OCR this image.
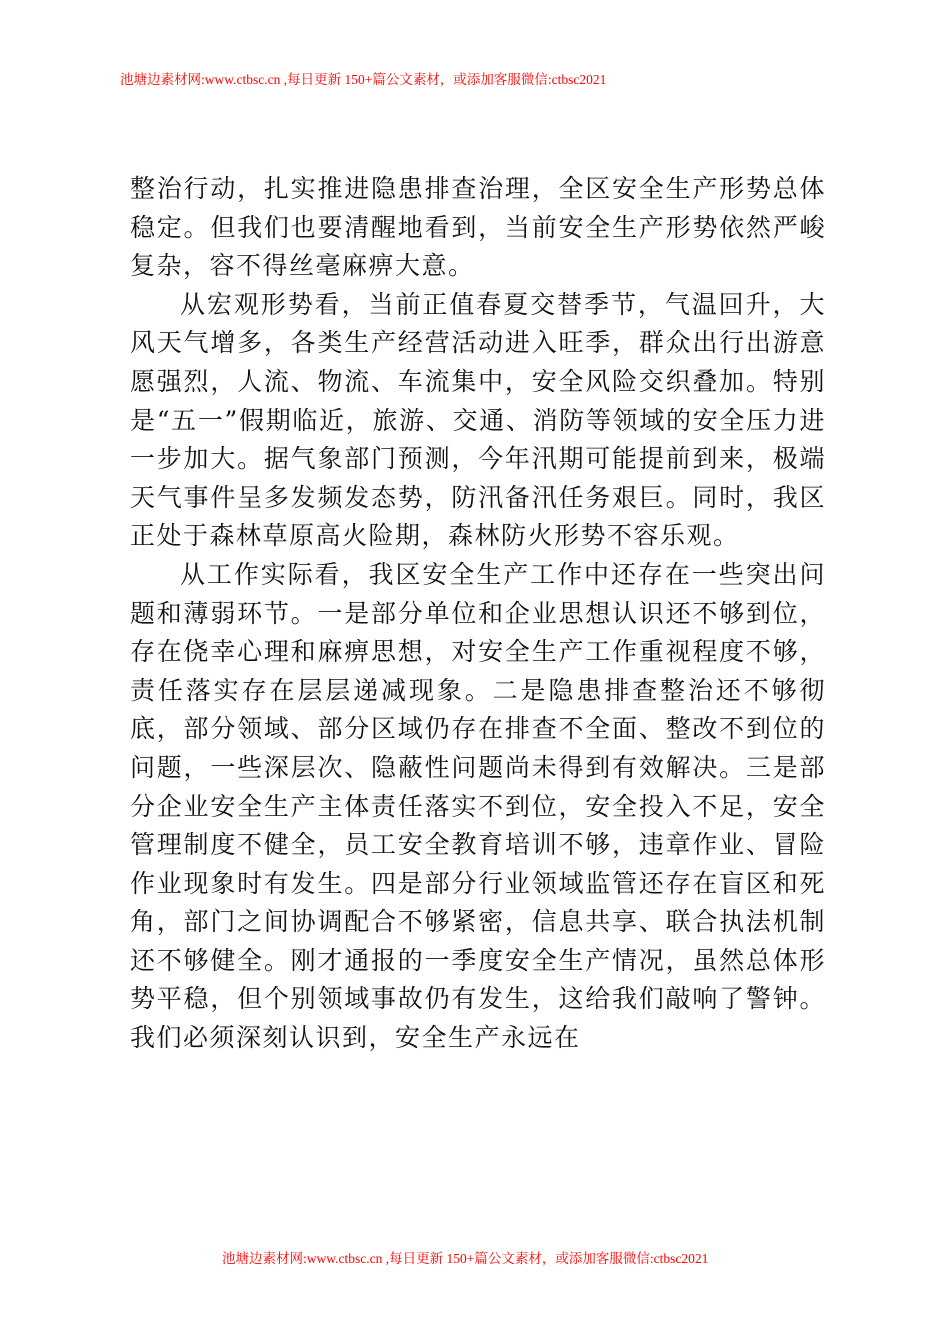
池塘边素材网:www.ctbsc.cn ,每日更新 150+篇公文素材，或添加客服微信:ctbsc2021

整治行动，扎实推进隐患排查治理，全区安全生产形势总体稳定。但我们也要清醒地看到，当前安全生产形势依然严峻复杂，容不得丝毫麻痹大意。

从宏观形势看，当前正值春夏交替季节，气温回升，大风天气增多，各类生产经营活动进入旺季，群众出行出游意愿强烈，人流、物流、车流集中，安全风险交织叠加。特别是“五一”假期临近，旅游、交通、消防等领域的安全压力进一步加大。据气象部门预测，今年汛期可能提前到来，极端天气事件呈多发频发态势，防汛备汛任务艰巨。同时，我区正处于森林草原高火险期，森林防火形势不容乐观。

从工作实际看，我区安全生产工作中还存在一些突出问题和薄弱环节。一是部分单位和企业思想认识还不够到位，存在侥幸心理和麻痹思想，对安全生产工作重视程度不够，责任落实存在层层递减现象。二是隐患排查整治还不够彻底，部分领域、部分区域仍存在排查不全面、整改不到位的问题，一些深层次、隐蔽性问题尚未得到有效解决。三是部分企业安全生产主体责任落实不到位，安全投入不足，安全管理制度不健全，员工安全教育培训不够，违章作业、冒险作业现象时有发生。四是部分行业领域监管还存在盲区和死角，部门之间协调配合不够紧密，信息共享、联合执法机制还不够健全。刚才通报的一季度安全生产情况，虽然总体形势平稳，但个别领域事故仍有发生，这给我们敲响了警钟。我们必须深刻认识到，安全生产永远在

池塘边素材网:www.ctbsc.cn ,每日更新 150+篇公文素材，或添加客服微信:ctbsc2021
